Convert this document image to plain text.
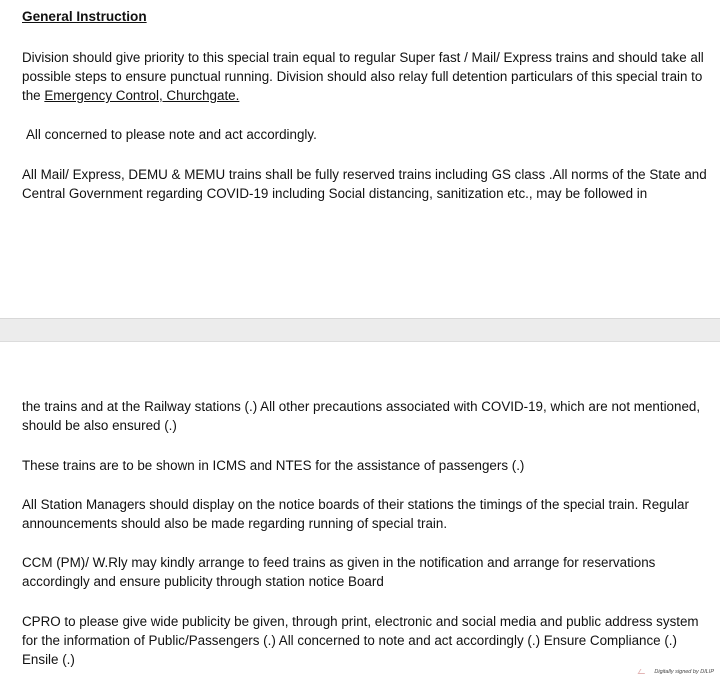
General Instruction

Division should give priority to this special train equal to regular Super fast / Mail/ Express trains and should take all possible steps to ensure punctual running. Division should also relay full detention particulars of this special train to the Emergency Control, Churchgate.

All concerned to please note and act accordingly.

All Mail/ Express, DEMU & MEMU trains shall be fully reserved trains including GS class .All norms of the State and Central Government regarding COVID-19 including Social distancing, sanitization etc., may be followed in

the trains and at the Railway stations (.) All other precautions associated with COVID-19, which are not mentioned, should be also ensured (.)

These trains are to be shown in ICMS and NTES for the assistance of passengers (.)

All Station Managers should display on the notice boards of their stations the timings of the special train. Regular announcements should also be made regarding running of special train.

CCM (PM)/ W.Rly may kindly arrange to feed trains as given in the notification and arrange for reservations accordingly and ensure publicity through station notice Board

CPRO to please give wide publicity be given, through print, electronic and social media and public address system for the information of Public/Passengers (.) All concerned to note and act accordingly (.) Ensure Compliance (.) Ensile (.)

Digitally signed by DILIP
